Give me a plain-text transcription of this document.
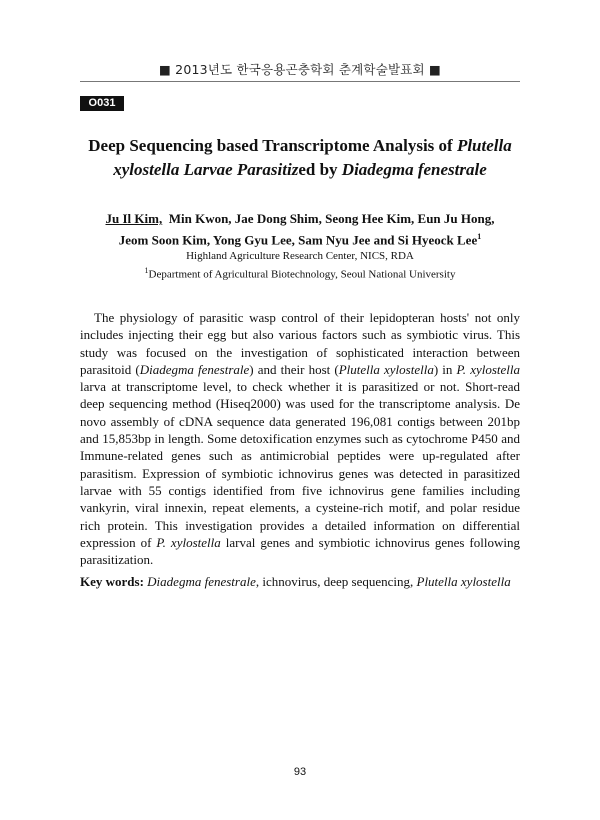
■ 2013년도 한국응용곤충학회 춘계학술발표회 ■
O031
Deep Sequencing based Transcriptome Analysis of Plutella xylostella Larvae Parasitized by Diadegma fenestrale
Ju Il Kim,  Min Kwon, Jae Dong Shim, Seong Hee Kim, Eun Ju Hong,
Jeom Soon Kim, Yong Gyu Lee, Sam Nyu Jee and Si Hyeock Lee$^1$
Highland Agriculture Research Center, NICS, RDA
$^1$Department of Agricultural Biotechnology, Seoul National University

The physiology of parasitic wasp control of their lepidopteran hosts' not only includes injecting their egg but also various factors such as symbiotic virus. This study was focused on the investigation of sophisticated interaction between parasitoid (Diadegma fenestrale) and their host (Plutella xylostella) in P. xylostella larva at transcriptome level, to check whether it is parasitized or not. Short-read deep sequencing method (Hiseq2000) was used for the transcriptome analysis. De novo assembly of cDNA sequence data generated 196,081 contigs between 201bp and 15,853bp in length. Some detoxification enzymes such as cytochrome P450 and Immune-related genes such as antimicrobial peptides were up-regulated after parasitism. Expression of symbiotic ichnovirus genes was detected in parasitized larvae with 55 contigs identified from five ichnovirus gene families including vankyrin, viral innexin, repeat elements, a cysteine-rich motif, and polar residue rich protein. This investigation provides a detailed information on differential expression of P. xylostella larval genes and symbiotic ichnovirus genes following parasitization.

Key words: Diadegma fenestrale, ichnovirus, deep sequencing, Plutella xylostella
93
